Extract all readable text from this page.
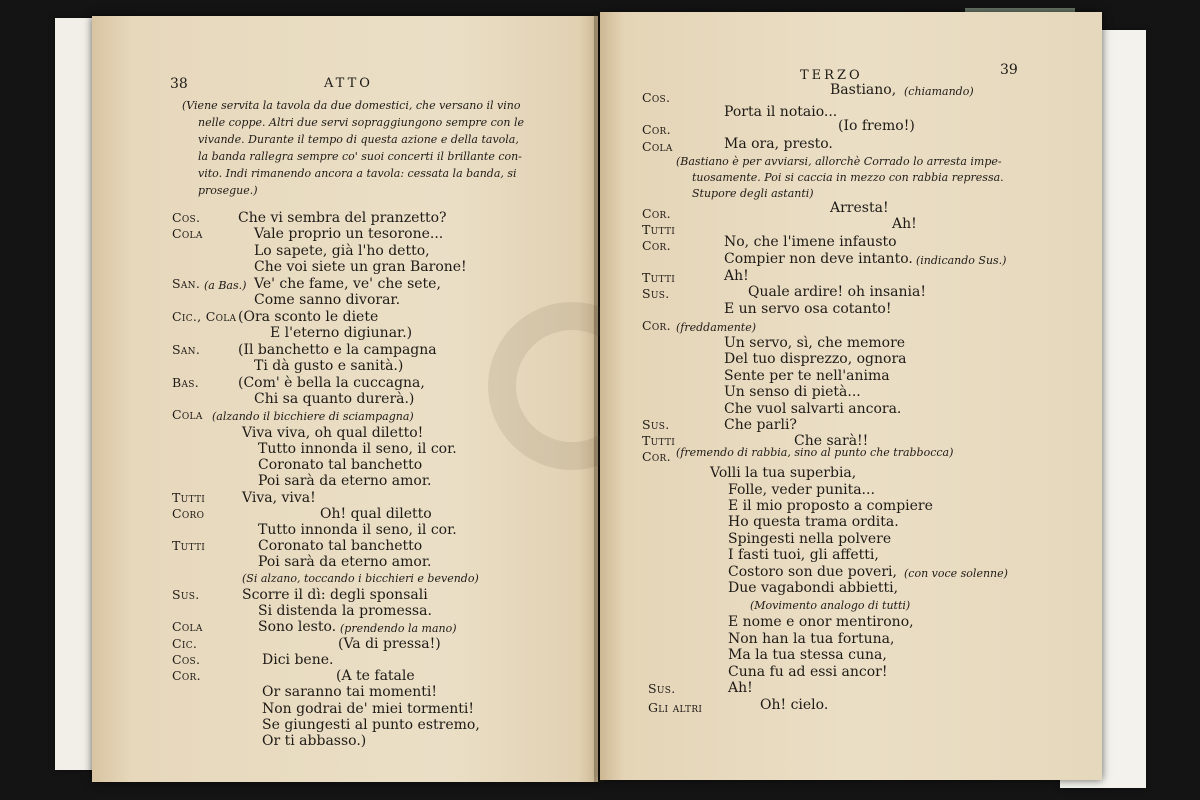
38	ATTO
(Viene servita la tavola da due domestici, che versano il vino
nelle coppe. Altri due servi sopraggiungono sempre con le
vivande. Durante il tempo di questa azione e della tavola,
la banda rallegra sempre co' suoi concerti il brillante con-
vito. Indi rimanendo ancora a tavola: cessata la banda, si
prosegue.)
Cos.	Che vi sembra del pranzetto?
Cola	Vale proprio un tesorone...
Lo sapete, già l'ho detto,
Che voi siete un gran Barone!
San. (a Bas.) Ve' che fame, ve' che sete,
Come sanno divorar.
Cic., Cola (Ora sconto le diete
E l'eterno digiunar.)
San.	(Il banchetto e la campagna
Ti dà gusto e sanità.)
Bas.	(Com' è bella la cuccagna,
Chi sa quanto durerà.)
Cola (alzando il bicchiere di sciampagna)
Viva viva, oh qual diletto!
Tutto innonda il seno, il cor.
Coronato tal banchetto
Poi sarà da eterno amor.
Tutti	Viva, viva!
Coro	Oh! qual diletto
Tutto innonda il seno, il cor.
Tutti	Coronato tal banchetto
Poi sarà da eterno amor.
(Si alzano, toccando i bicchieri e bevendo)
Sus.	Scorre il dì: degli sponsali
Si distenda la promessa.
Cola	Sono lesto. (prendendo la mano)
Cic.	(Va di pressa!)
Cos.	Dici bene.
Cor.	(A te fatale
Or saranno tai momenti!
Non godrai de' miei tormenti!
Se giungesti al punto estremo,
Or ti abbasso.)
TERZO	39
Cos.	Bastiano, (chiamando)
Porta il notaio...
Cor.	(Io fremo!)
Cola	Ma ora, presto.
(Bastiano è per avviarsi, allorchè Corrado lo arresta impe-
tuosamente. Poi si caccia in mezzo con rabbia repressa.
Stupore degli astanti)
Cor.	Arresta!
Tutti	Ah!
Cor.	No, che l'imene infausto
Compier non deve intanto. (indicando Sus.)
Tutti	Ah!
Sus.	Quale ardire! oh insania!
E un servo osa cotanto!
Cor. (freddamente)
Un servo, sì, che memore
Del tuo disprezzo, ognora
Sente per te nell'anima
Un senso di pietà...
Che vuol salvarti ancora.
Sus.	Che parli?
Tutti	Che sarà!!
Cor. (fremendo di rabbia, sino al punto che trabbocca)
Volli la tua superbia,
Folle, veder punita...
E il mio proposto a compiere
Ho questa trama ordita.
Spingesti nella polvere
I fasti tuoi, gli affetti,
Costoro son due poveri, (con voce solenne)
Due vagabondi abbietti,
(Movimento analogo di tutti)
E nome e onor mentirono,
Non han la tua fortuna,
Ma la tua stessa cuna,
Cuna fu ad essi ancor!
Sus.	Ah!
Gli altri	Oh! cielo.
